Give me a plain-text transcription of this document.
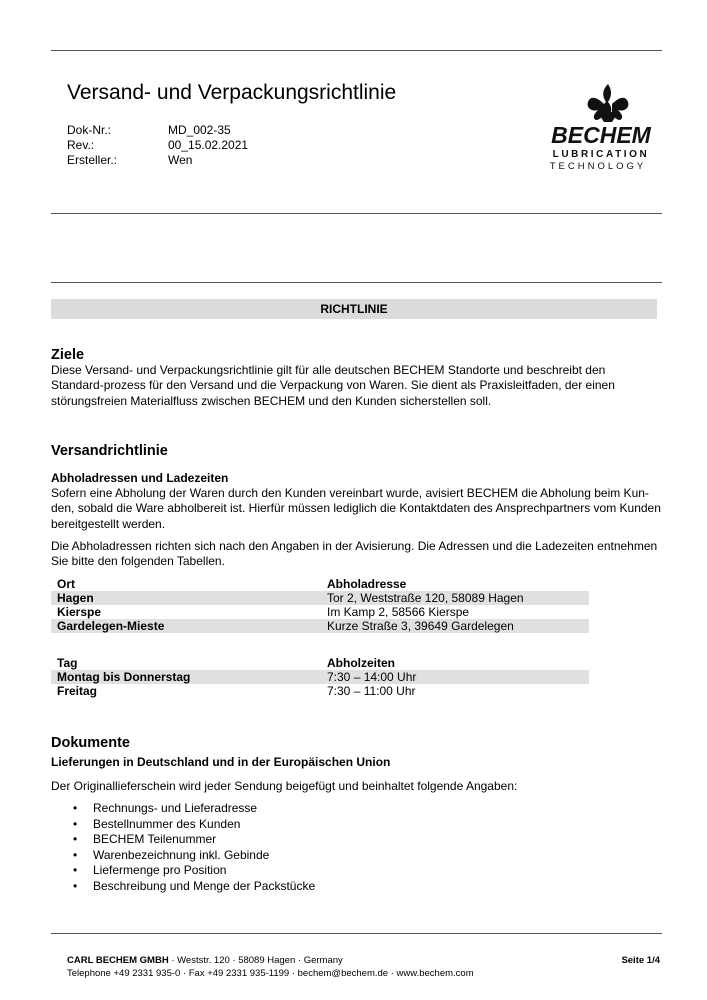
Versand- und Verpackungsrichtlinie
Dok-Nr.:	MD_002-35
Rev.:	00_15.02.2021
Ersteller.:	Wen
BECHEM
LUBRICATION
TECHNOLOGY
RICHTLINIE
Ziele
Diese Versand- und Verpackungsrichtlinie gilt für alle deutschen BECHEM Standorte und beschreibt den Standard-prozess für den Versand und die Verpackung von Waren. Sie dient als Praxisleitfaden, der einen störungsfreien Materialfluss zwischen BECHEM und den Kunden sicherstellen soll.
Versandrichtlinie
Abholadressen und Ladezeiten
Sofern eine Abholung der Waren durch den Kunden vereinbart wurde, avisiert BECHEM die Abholung beim Kun-den, sobald die Ware abholbereit ist. Hierfür müssen lediglich die Kontaktdaten des Ansprechpartners vom Kunden bereitgestellt werden.
Die Abholadressen richten sich nach den Angaben in der Avisierung. Die Adressen und die Ladezeiten entnehmen Sie bitte den folgenden Tabellen.
Ort	Abholadresse
Hagen	Tor 2, Weststraße 120, 58089 Hagen
Kierspe	Im Kamp 2, 58566 Kierspe
Gardelegen-Mieste	Kurze Straße 3, 39649 Gardelegen
Tag	Abholzeiten
Montag bis Donnerstag	7:30 – 14:00 Uhr
Freitag	7:30 – 11:00 Uhr
Dokumente
Lieferungen in Deutschland und in der Europäischen Union
Der Originallieferschein wird jeder Sendung beigefügt und beinhaltet folgende Angaben:
• Rechnungs- und Lieferadresse
• Bestellnummer des Kunden
• BECHEM Teilenummer
• Warenbezeichnung inkl. Gebinde
• Liefermenge pro Position
• Beschreibung und Menge der Packstücke
CARL BECHEM GMBH · Weststr. 120 · 58089 Hagen · Germany
Telephone +49 2331 935-0 · Fax +49 2331 935-1199 · bechem@bechem.de · www.bechem.com
Seite 1/4
